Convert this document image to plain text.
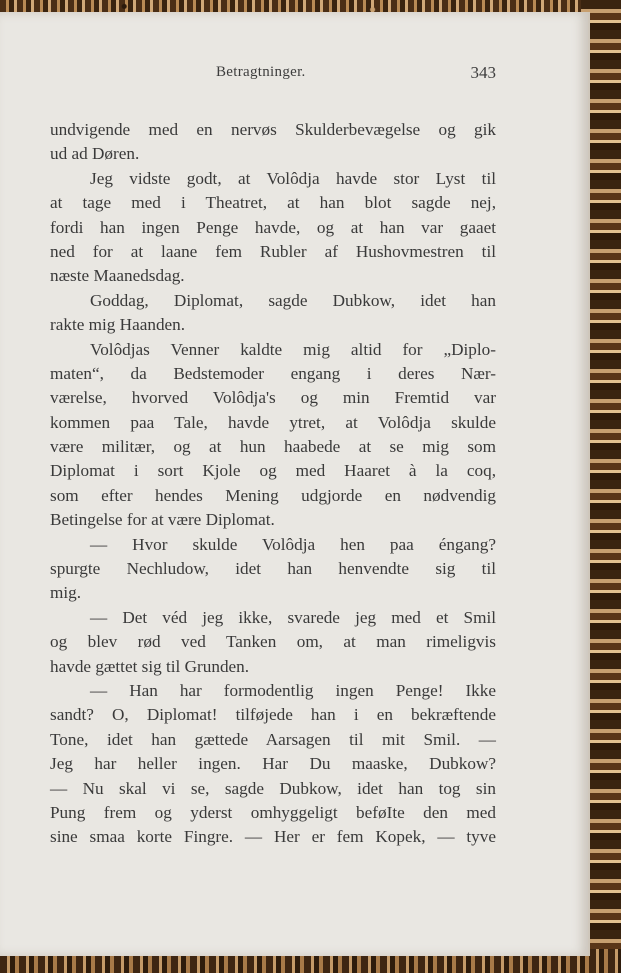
Betragtninger.	343
undvigende med en nervøs Skulderbevægelse og gik
ud ad Døren.
Jeg vidste godt, at Volôdja havde stor Lyst til
at tage med i Theatret, at han blot sagde nej,
fordi han ingen Penge havde, og at han var gaaet
ned for at laane fem Rubler af Hushovmestren til
næste Maanedsdag.
Goddag, Diplomat, sagde Dubkow, idet han
rakte mig Haanden.
Volôdjas Venner kaldte mig altid for „Diplo-
maten“, da Bedstemoder engang i deres Nær-
værelse, hvorved Volôdja's og min Fremtid var
kommen paa Tale, havde ytret, at Volôdja skulde
være militær, og at hun haabede at se mig som
Diplomat i sort Kjole og med Haaret à la coq,
som efter hendes Mening udgjorde en nødvendig
Betingelse for at være Diplomat.
— Hvor skulde Volôdja hen paa éngang?
spurgte Nechludow, idet han henvendte sig til
mig.
— Det véd jeg ikke, svarede jeg med et Smil
og blev rød ved Tanken om, at man rimeligvis
havde gættet sig til Grunden.
— Han har formodentlig ingen Penge! Ikke
sandt? O, Diplomat! tilføjede han i en bekræftende
Tone, idet han gættede Aarsagen til mit Smil. —
Jeg har heller ingen. Har Du maaske, Dubkow?
— Nu skal vi se, sagde Dubkow, idet han tog sin
Pung frem og yderst omhyggeligt beføIte den med
sine smaa korte Fingre. — Her er fem Kopek, — tyve
